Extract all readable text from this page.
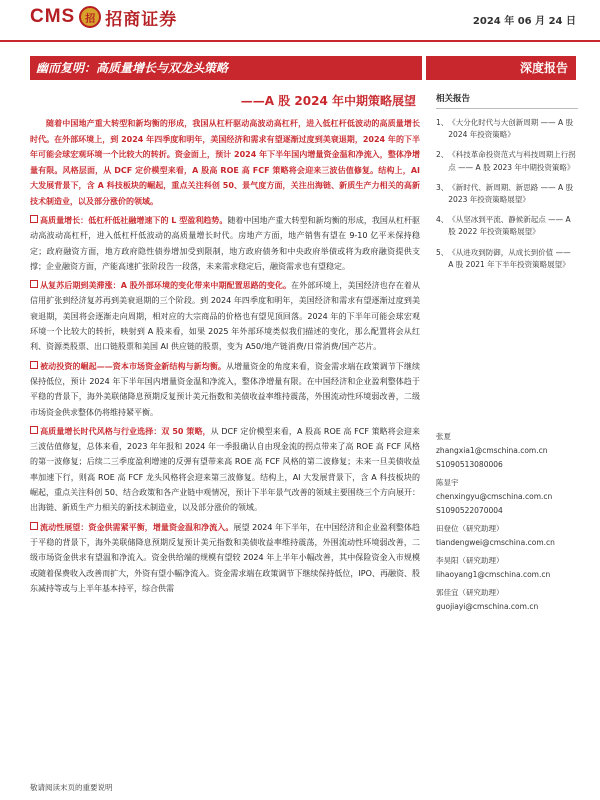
CMS	招 招商证券	2024 年 06 月 24 日
幽而复明：高质量增长与双龙头策略	深度报告
——A 股 2024 年中期策略展望

随着中国地产重大转型和新均衡的形成，我国从杠杆驱动高波动高杠杆，进入低杠杆低波动的高质量增长时代。在外部环境上，到 2024 年四季度和明年，美国经济和需求有望逐渐过度到美衰退期，2024 年的下半年可能会球宏观环境一个比较大的转折。资金面上，预计 2024 年下半年国内增量资金温和净流入，整体净增量有限。风格层面，从 DCF 定价模型来看，A 股高 ROE 高 FCF 策略将会迎来三波估值修复。结构上，AI 大发展背景下，含 A 科技板块的崛起，重点关注科创 50、景气度方面，关注出海链、新质生产力相关的高新技术制造业，以及部分涨价的领域。

高质量增长：低杠杆低社融增速下的 L 型盈利趋势。随着中国地产重大转型和新均衡的形成，我国从杠杆驱动高波动高杠杆，进入低杠杆低波动的高质量增长时代。房地产方面，地产销售有望在 9-10 亿平米保持稳定；政府融资方面，地方政府隐性债券增加受到限制，地方政府债务和中央政府举债或将为政府融资提供支撑；企业融资方面，产能高速扩张阶段告一段落，未来需求稳定后，融资需求也有望稳定。

从复苏后期到美滞涨：A 股外部环境的变化带来中期配置思路的变化。在外部环境上，美国经济也存在着从信用扩张到经济复苏再到美衰退期的三个阶段。到 2024 年四季度和明年，美国经济和需求有望逐渐过度到美衰退期，美国将会逐渐走向周期，相对应的大宗商品的价格也有望见顶回落。2024 年的下半年可能会球宏观环境一个比较大的转折，映射到 A 股来看，如果 2025 年外部环境类似我们描述的变化，那么配置将会从红利、资源类股票、出口链股票和美国 AI 供应链的股票，变为 A50/地产链消费/日常消费/国产芯片。

被动投资的崛起——资本市场资金新结构与新均衡。从增量资金的角度来看，资金需求端在政策调节下继续保持低位，预计 2024 年下半年国内增量资金温和净流入，整体净增量有限。在中国经济和企业盈利整体趋于平稳的背景下，海外美联储降息预期反复预计美元指数和美债收益率维持震荡，外围流动性环境弱改善，二级市场资金供求整体仍将维持紧平衡。

高质量增长时代风格与行业选择：双 50 策略，从 DCF 定价模型来看，A 股高 ROE 高 FCF 策略将会迎来三波估值修复，总体来看，2023 年年报和 2024 年一季报确认自由现金流的拐点带来了高 ROE 高 FCF 风格的第一波修复；后续二三季度盈利增速的反弹有望带来高 ROE 高 FCF 风格的第二波修复；未来一旦美债收益率加速下行，则高 ROE 高 FCF 龙头风格将会迎来第三波修复。结构上，AI 大发展背景下，含 A 科技板块的崛起，重点关注科创 50、结合政策和各产业链中观情况，预计下半年景气改善的领域主要围绕三个方向展开：出海链、新质生产力相关的新技术制造业，以及部分涨价的领域。

流动性展望：资金供需紧平衡，增量资金温和净流入。展望 2024 年下半年，在中国经济和企业盈利整体趋于平稳的背景下，海外美联储降息预期反复预计美元指数和美债收益率维持震荡，外围流动性环境弱改善，二级市场资金供求有望温和净流入。资金供给端的规模有望较 2024 年上半年小幅改善，其中保险资金入市规模或随着保费收入改善而扩大，外资有望小幅净流入。资金需求端在政策调节下继续保持低位，IPO、再融资、股东减持等或与上半年基本持平，综合供需

相关报告
1、 《大分化时代与大创新周期 —— A 股 2024 年投资策略》
2、 《科技革命投资范式与科技周期上行拐点 —— A 股 2023 年中期投资策略》
3、 《新时代、新周期、新思路 —— A 股 2023 年投资策略展望》
4、 《从坚冰到平流、静候新起点 —— A 股 2022 年投资策略展望》
5、 《从进攻到防御，从成长到价值 —— A 股 2021 年下半年投资策略展望》
张夏
zhangxia1@cmschina.com.cn
S1090513080006
陈显宇
chenxingyu@cmschina.com.cn
S1090522070004
田登位（研究助理）
tiandengwei@cmschina.com.cn
李昊阳（研究助理）
lihaoyang1@cmschina.com.cn
郭佳宜（研究助理）
guojiayi@cmschina.com.cn
敬请阅读末页的重要说明
